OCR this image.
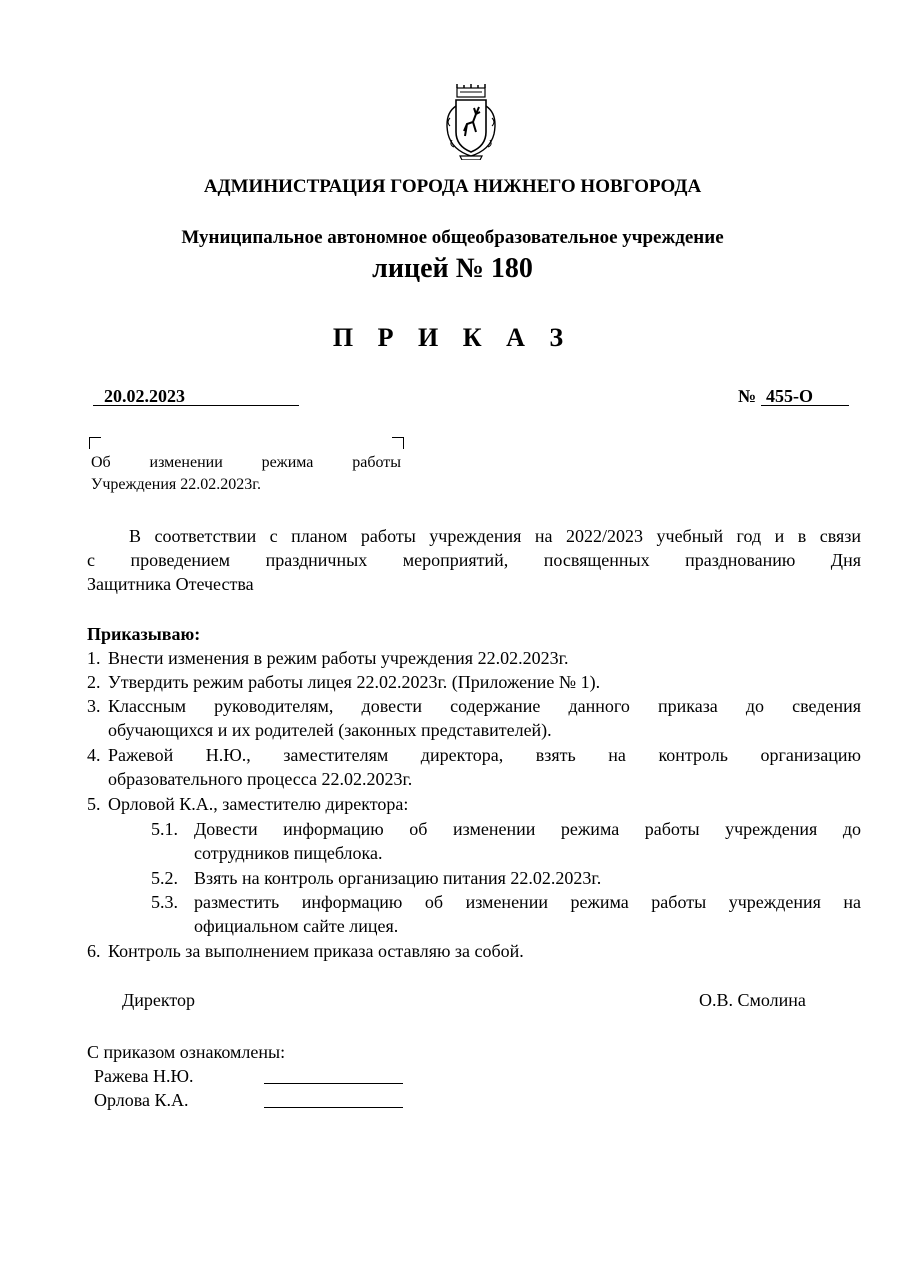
АДМИНИСТРАЦИЯ ГОРОДА НИЖНЕГО НОВГОРОДА
Муниципальное автономное общеобразовательное учреждение
лицей № 180
П Р И К А З
20.02.2023	№ 455-О
Об изменении режима работы
Учреждения 22.02.2023г.
В соответствии с планом работы учреждения на 2022/2023 учебный год и в связи
с проведением праздничных мероприятий, посвященных празднованию Дня
Защитника Отечества
Приказываю:
1. Внести изменения в режим работы учреждения 22.02.2023г.
2. Утвердить режим работы лицея 22.02.2023г. (Приложение № 1).
3. Классным руководителям, довести содержание данного приказа до сведения
обучающихся и их родителей (законных представителей).
4. Ражевой Н.Ю., заместителям директора, взять на контроль организацию
образовательного процесса 22.02.2023г.
5. Орловой К.А., заместителю директора:
5.1. Довести информацию об изменении режима работы учреждения до
сотрудников пищеблока.
5.2. Взять на контроль организацию питания 22.02.2023г.
5.3. разместить информацию об изменении режима работы учреждения на
официальном сайте лицея.
6. Контроль за выполнением приказа оставляю за собой.
Директор	О.В. Смолина
С приказом ознакомлены:
Ражева Н.Ю.
Орлова К.А.
